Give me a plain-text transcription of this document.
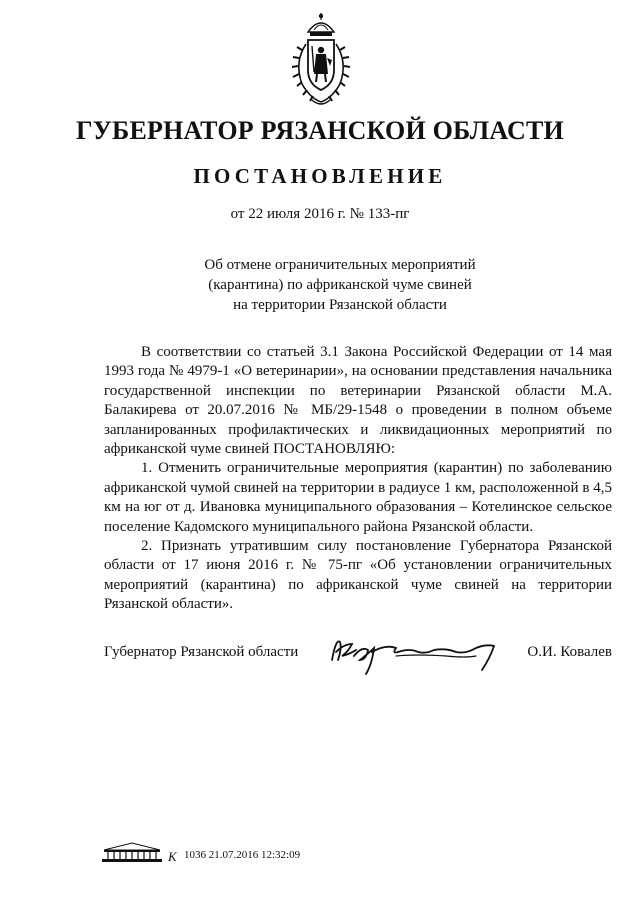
ГУБЕРНАТОР РЯЗАНСКОЙ ОБЛАСТИ
ПОСТАНОВЛЕНИЕ
от 22 июля 2016 г. № 133-пг
Об отмене ограничительных мероприятий
(карантина) по африканской чуме свиней
на территории Рязанской области

В соответствии со статьей 3.1 Закона Российской Федерации от 14 мая 1993 года № 4979-1 «О ветеринарии», на основании представления начальника государственной инспекции по ветеринарии Рязанской области М.А. Балакирева от 20.07.2016 № МБ/29-1548 о проведении в полном объеме запланированных профилактических и ликвидационных мероприятий по африканской чуме свиней ПОСТАНОВЛЯЮ:

1. Отменить ограничительные мероприятия (карантин) по заболеванию африканской чумой свиней на территории в радиусе 1 км, расположенной в 4,5 км на юг от д. Ивановка муниципального образования – Котелинское сельское поселение Кадомского муниципального района Рязанской области.

2. Признать утратившим силу постановление Губернатора Рязанской области от 17 июня 2016 г. № 75-пг «Об установлении ограничительных мероприятий (карантина) по африканской чуме свиней на территории Рязанской области».

Губернатор Рязанской области	О.И. Ковалев
К 1036 21.07.2016 12:32:09
